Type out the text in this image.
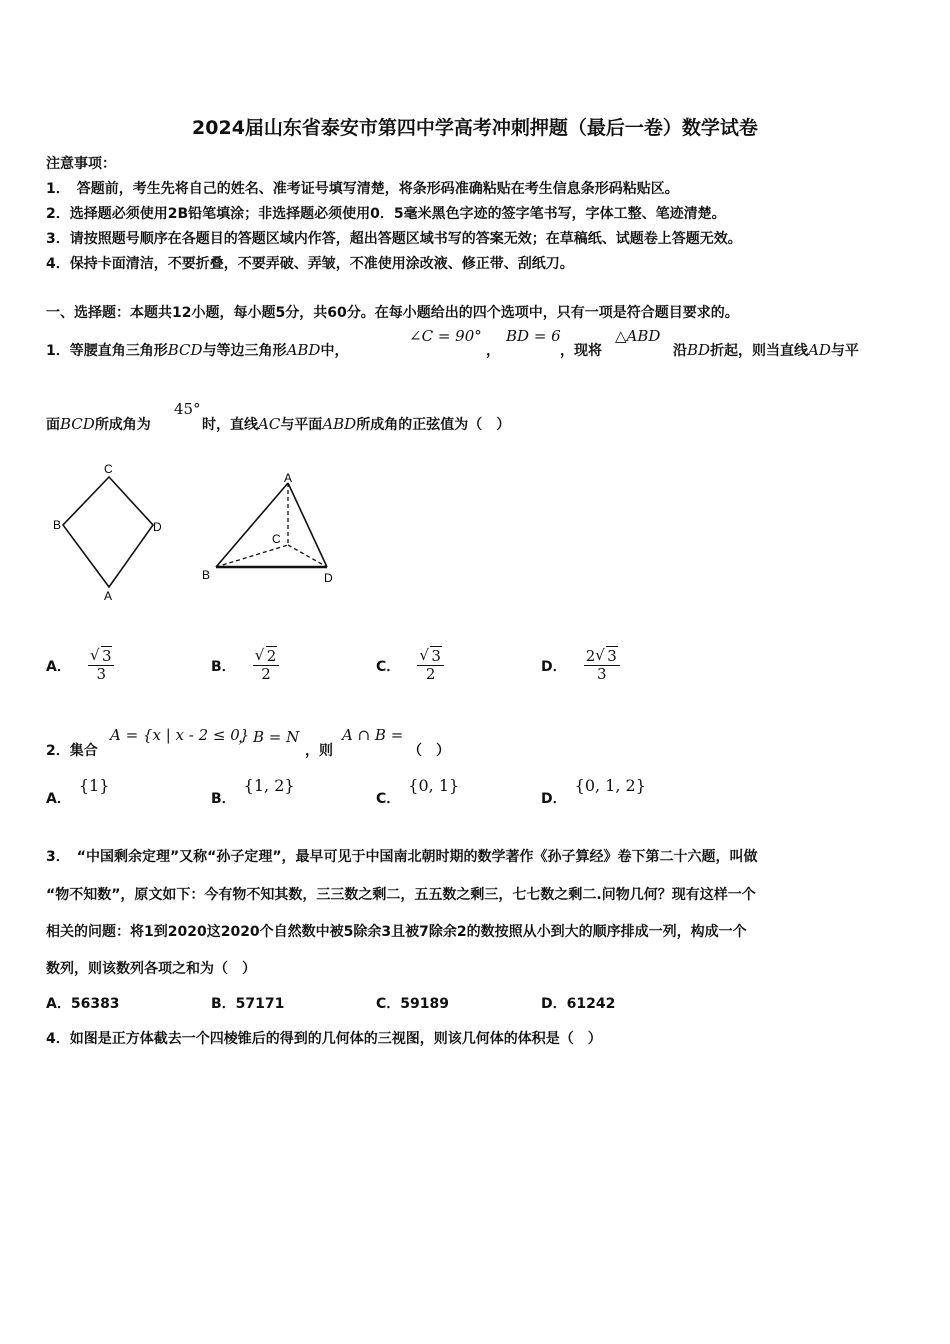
2024届山东省泰安市第四中学高考冲刺押题（最后一卷）数学试卷
注意事项：
1．　答题前，考生先将自己的姓名、准考证号填写清楚，将条形码准确粘贴在考生信息条形码粘贴区。
2．选择题必须使用2B铅笔填涂；非选择题必须使用0．5毫米黑色字迹的签字笔书写，字体工整、笔迹清楚。
3．请按照题号顺序在各题目的答题区域内作答，超出答题区域书写的答案无效；在草稿纸、试题卷上答题无效。
4．保持卡面清洁，不要折叠，不要弄破、弄皱，不准使用涂改液、修正带、刮纸刀。
一、选择题：本题共12小题，每小题5分，共60分。在每小题给出的四个选项中，只有一项是符合题目要求的。
1．等腰直角三角形BCD与等边三角形ABD中，
∠C = 90°
，
BD = 6
，现将
△ABD
沿BD折起，则当直线AD与平
面BCD所成角为
45°
时，直线AC与平面ABD所成角的正弦值为（　）
C
B	D
A
A
C
B	D
A． √ $\frac{3}{3}$	B． √ $\frac{2}{2}$	C． √ $\frac{3}{2}$	D． $\frac{2 √ 3}{3}$
2．集合
A = {x | x - 2 ≤ 0}
，B = N
，则
A ∩ B =
（　）
A．{1}
B．{1, 2}
C．{0, 1}
D．{0, 1, 2}
3．　“中国剩余定理”又称“孙子定理”，最早可见于中国南北朝时期的数学著作《孙子算经》卷下第二十六题，叫做
“物不知数”，原文如下：今有物不知其数，三三数之剩二，五五数之剩三，七七数之剩二.问物几何？现有这样一个
相关的问题：将1到2020这2020个自然数中被5除余3且被7除余2的数按照从小到大的顺序排成一列，构成一个
数列，则该数列各项之和为（　）
A．56383	B．57171	C．59189	D．61242
4．如图是正方体截去一个四棱锥后的得到的几何体的三视图，则该几何体的体积是（　）
